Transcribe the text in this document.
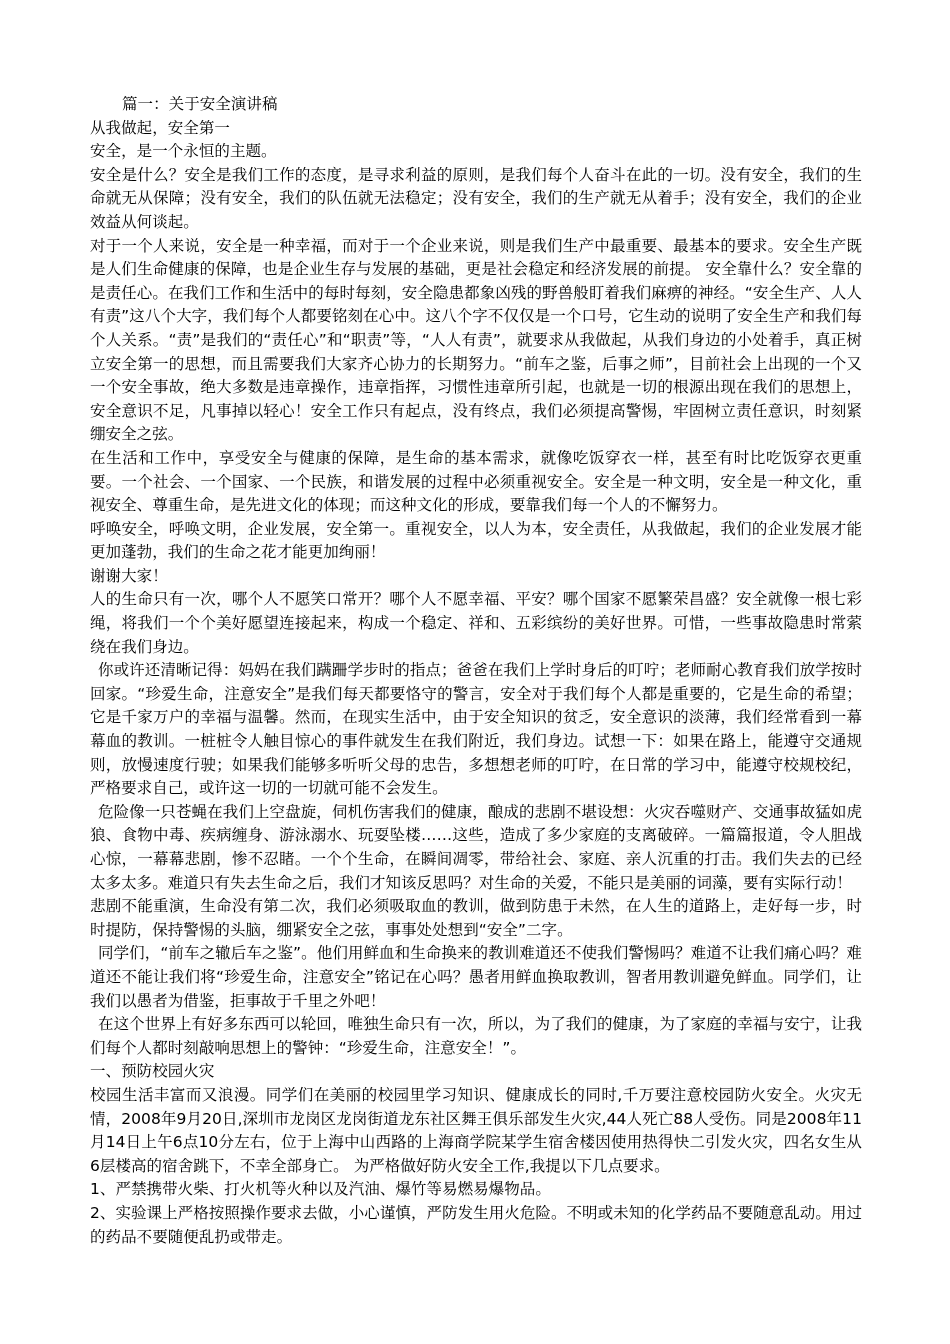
篇一：关于安全演讲稿

从我做起，安全第一

安全，是一个永恒的主题。

安全是什么？安全是我们工作的态度，是寻求利益的原则，是我们每个人奋斗在此的一切。没有安全，我们的生命就无从保障；没有安全，我们的队伍就无法稳定；没有安全，我们的生产就无从着手；没有安全，我们的企业效益从何谈起。

对于一个人来说，安全是一种幸福，而对于一个企业来说，则是我们生产中最重要、最基本的要求。安全生产既是人们生命健康的保障，也是企业生存与发展的基础，更是社会稳定和经济发展的前提。 安全靠什么？安全靠的是责任心。在我们工作和生活中的每时每刻，安全隐患都象凶残的野兽般盯着我们麻痹的神经。“安全生产、人人有责”这八个大字，我们每个人都要铭刻在心中。这八个字不仅仅是一个口号，它生动的说明了安全生产和我们每个人关系。“责”是我们的“责任心”和“职责”等，“人人有责”，就要求从我做起，从我们身边的小处着手，真正树立安全第一的思想，而且需要我们大家齐心协力的长期努力。“前车之鉴，后事之师”，目前社会上出现的一个又一个安全事故，绝大多数是违章操作，违章指挥，习惯性违章所引起，也就是一切的根源出现在我们的思想上，安全意识不足，凡事掉以轻心！安全工作只有起点，没有终点，我们必须提高警惕，牢固树立责任意识，时刻紧绷安全之弦。

在生活和工作中，享受安全与健康的保障，是生命的基本需求，就像吃饭穿衣一样，甚至有时比吃饭穿衣更重要。一个社会、一个国家、一个民族，和谐发展的过程中必须重视安全。安全是一种文明，安全是一种文化，重视安全、尊重生命，是先进文化的体现；而这种文化的形成，要靠我们每一个人的不懈努力。

呼唤安全，呼唤文明，企业发展，安全第一。重视安全，以人为本，安全责任，从我做起，我们的企业发展才能更加蓬勃，我们的生命之花才能更加绚丽！

谢谢大家！

人的生命只有一次，哪个人不愿笑口常开？哪个人不愿幸福、平安？哪个国家不愿繁荣昌盛？安全就像一根七彩绳，将我们一个个美好愿望连接起来，构成一个稳定、祥和、五彩缤纷的美好世界。可惜，一些事故隐患时常萦绕在我们身边。

你或许还清晰记得：妈妈在我们蹒跚学步时的指点；爸爸在我们上学时身后的叮咛；老师耐心教育我们放学按时回家。“珍爱生命，注意安全”是我们每天都要恪守的警言，安全对于我们每个人都是重要的，它是生命的希望；它是千家万户的幸福与温馨。然而，在现实生活中，由于安全知识的贫乏，安全意识的淡薄，我们经常看到一幕幕血的教训。一桩桩令人触目惊心的事件就发生在我们附近，我们身边。试想一下：如果在路上，能遵守交通规则，放慢速度行驶；如果我们能够多听听父母的忠告，多想想老师的叮咛，在日常的学习中，能遵守校规校纪，严格要求自己，或许这一切的一切就可能不会发生。

危险像一只苍蝇在我们上空盘旋，伺机伤害我们的健康，酿成的悲剧不堪设想：火灾吞噬财产、交通事故猛如虎狼、食物中毒、疾病缠身、游泳溺水、玩耍坠楼……这些，造成了多少家庭的支离破碎。一篇篇报道，令人胆战心惊，一幕幕悲剧，惨不忍睹。一个个生命，在瞬间凋零，带给社会、家庭、亲人沉重的打击。我们失去的已经太多太多。难道只有失去生命之后，我们才知该反思吗？对生命的关爱，不能只是美丽的词藻，要有实际行动！

悲剧不能重演，生命没有第二次，我们必须吸取血的教训，做到防患于未然，在人生的道路上，走好每一步，时时提防，保持警惕的头脑，绷紧安全之弦，事事处处想到“安全”二字。

同学们，“前车之辙后车之鉴”。他们用鲜血和生命换来的教训难道还不使我们警惕吗？难道不让我们痛心吗？难道还不能让我们将“珍爱生命，注意安全”铭记在心吗？愚者用鲜血换取教训，智者用教训避免鲜血。同学们，让我们以愚者为借鉴，拒事故于千里之外吧！

在这个世界上有好多东西可以轮回，唯独生命只有一次，所以，为了我们的健康，为了家庭的幸福与安宁，让我们每个人都时刻敲响思想上的警钟：“珍爱生命，注意安全！”。

一、预防校园火灾

校园生活丰富而又浪漫。同学们在美丽的校园里学习知识、健康成长的同时,千万要注意校园防火安全。火灾无情，2008年9月20日,深圳市龙岗区龙岗街道龙东社区舞王俱乐部发生火灾,44人死亡88人受伤。同是2008年11月14日上午6点10分左右，位于上海中山西路的上海商学院某学生宿舍楼因使用热得快二引发火灾，四名女生从6层楼高的宿舍跳下，不幸全部身亡。 为严格做好防火安全工作,我提以下几点要求。

1、严禁携带火柴、打火机等火种以及汽油、爆竹等易燃易爆物品。

2、实验课上严格按照操作要求去做，小心谨慎，严防发生用火危险。不明或未知的化学药品不要随意乱动。用过的药品不要随便乱扔或带走。
